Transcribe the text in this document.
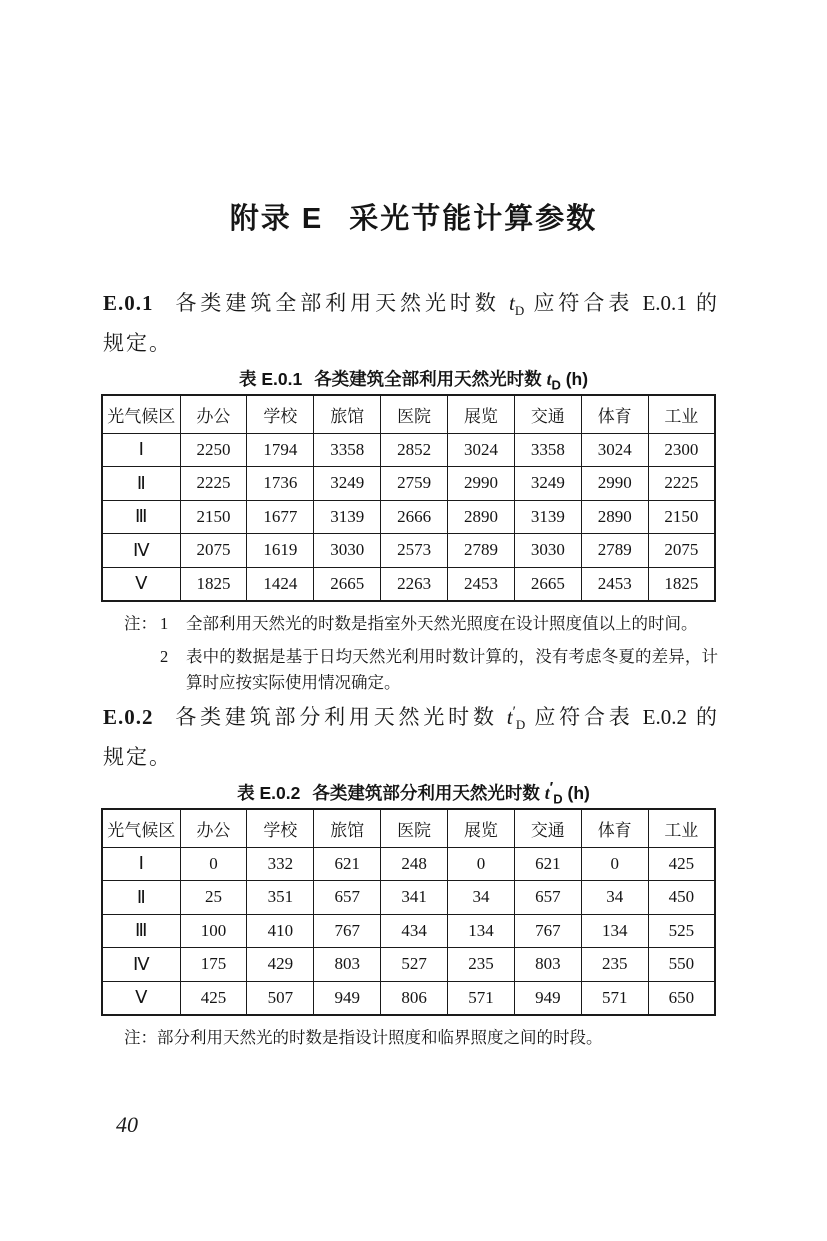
附录 E 采光节能计算参数
E.0.1 各类建筑全部利用天然光时数 $t_D$ 应符合表 E.0.1 的
规定。
表 E.0.1 各类建筑全部利用天然光时数 $t_D$ (h)
光气候区	办公	学校	旅馆	医院	展览	交通	体育	工业
Ⅰ	2250	1794	3358	2852	3024	3358	3024	2300
Ⅱ	2225	1736	3249	2759	2990	3249	2990	2225
Ⅲ	2150	1677	3139	2666	2890	3139	2890	2150
Ⅳ	2075	1619	3030	2573	2789	3030	2789	2075
Ⅴ	1825	1424	2665	2263	2453	2665	2453	1825
注： 1	全部利用天然光的时数是指室外天然光照度在设计照度值以上的时间。
2	表中的数据是基于日均天然光利用时数计算的，没有考虑冬夏的差异，计算时应按实际使用情况确定。
E.0.2 各类建筑部分利用天然光时数 $t'_D$ 应符合表 E.0.2 的
规定。
表 E.0.2 各类建筑部分利用天然光时数 $t'_D$ (h)
光气候区	办公	学校	旅馆	医院	展览	交通	体育	工业
Ⅰ	0	332	621	248	0	621	0	425
Ⅱ	25	351	657	341	34	657	34	450
Ⅲ	100	410	767	434	134	767	134	525
Ⅳ	175	429	803	527	235	803	235	550
Ⅴ	425	507	949	806	571	949	571	650
注：部分利用天然光的时数是指设计照度和临界照度之间的时段。
40
